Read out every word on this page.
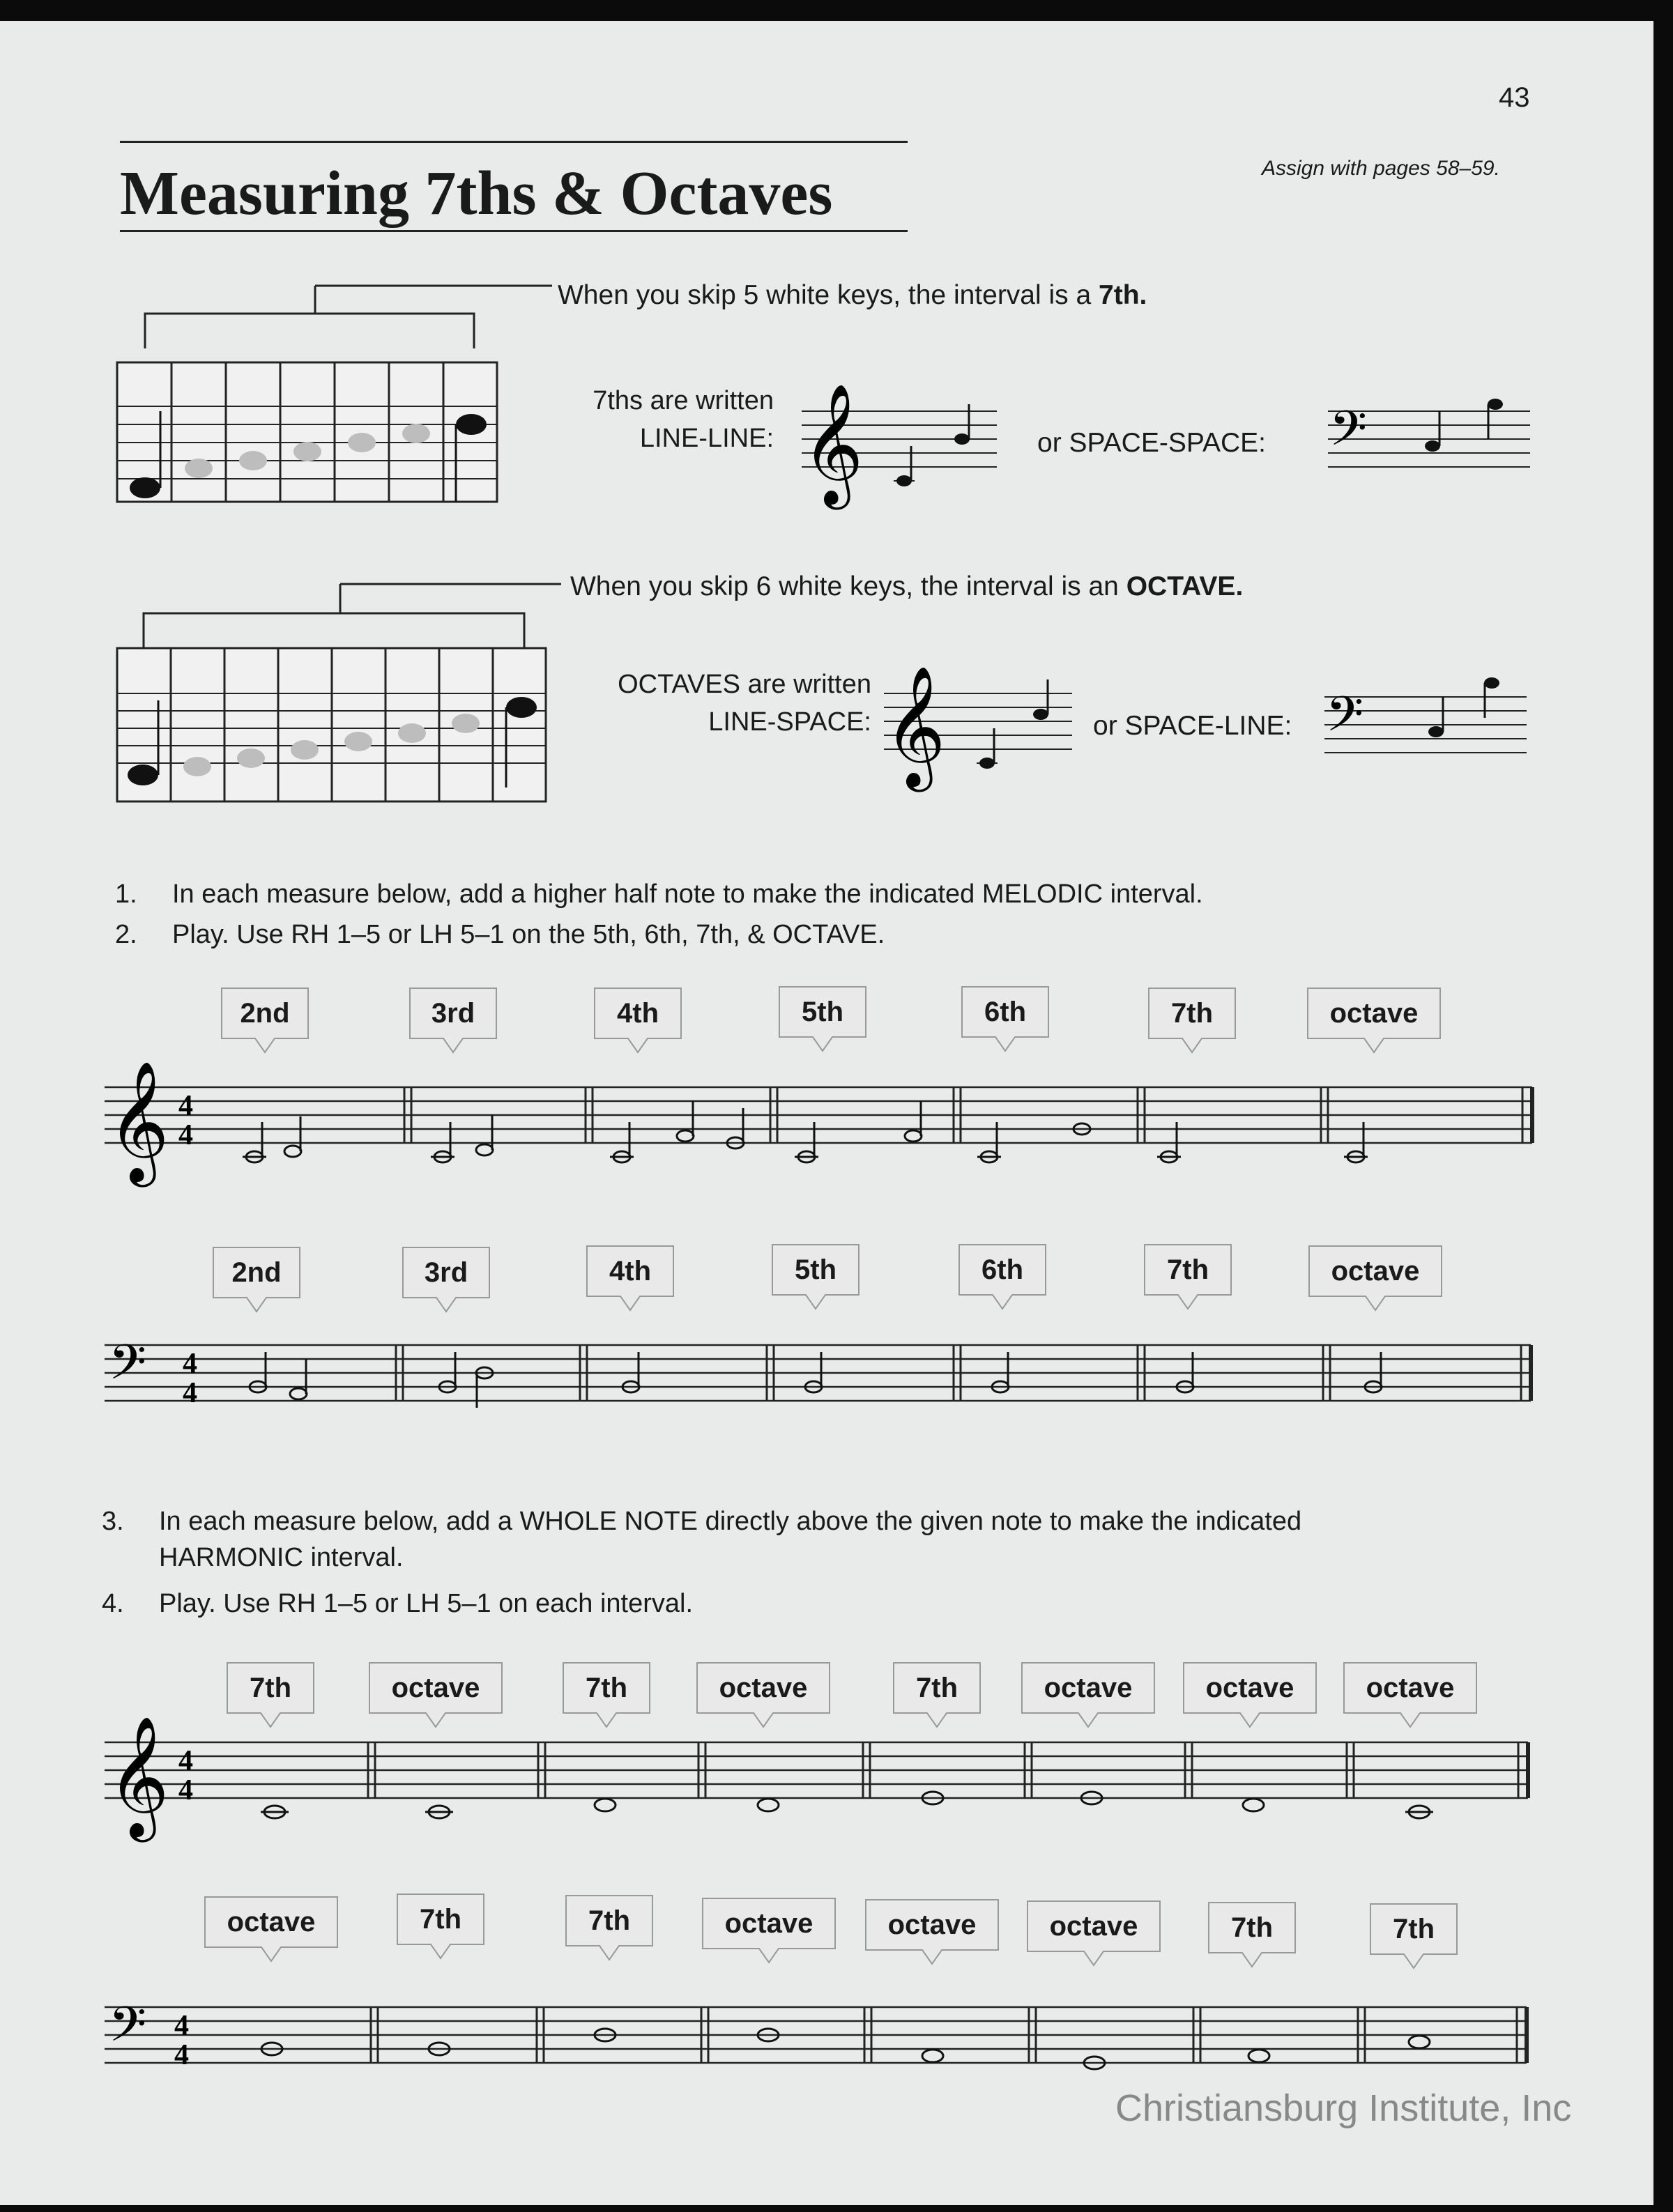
43
Assign with pages 58–59.
Measuring 7ths & Octaves
When you skip 5 white keys, the interval is a 7th.
7ths are written
LINE-LINE: 𝄞	or SPACE-SPACE: 𝄢
When you skip 6 white keys, the interval is an OCTAVE.
OCTAVES are written
LINE-SPACE: 𝄞	or SPACE-LINE: 𝄢
1. In each measure below, add a higher half note to make the indicated MELODIC interval.
2. Play. Use RH 1–5 or LH 5–1 on the 5th, 6th, 7th, & OCTAVE.
2nd	3rd	4th	5th	6th	7th	octave
𝄞 4
4
2nd	3rd	4th	5th	6th	7th	octave
𝄢 4
4
3. In each measure below, add a WHOLE NOTE directly above the given note to make the indicated
HARMONIC interval.
4. Play. Use RH 1–5 or LH 5–1 on each interval.
7th	octave	7th	octave	7th	octave	octave	octave
𝄞 4
4
octave	7th	7th	octave	octave	octave	7th	7th
𝄢 4
4
Christiansburg Institute, Inc
